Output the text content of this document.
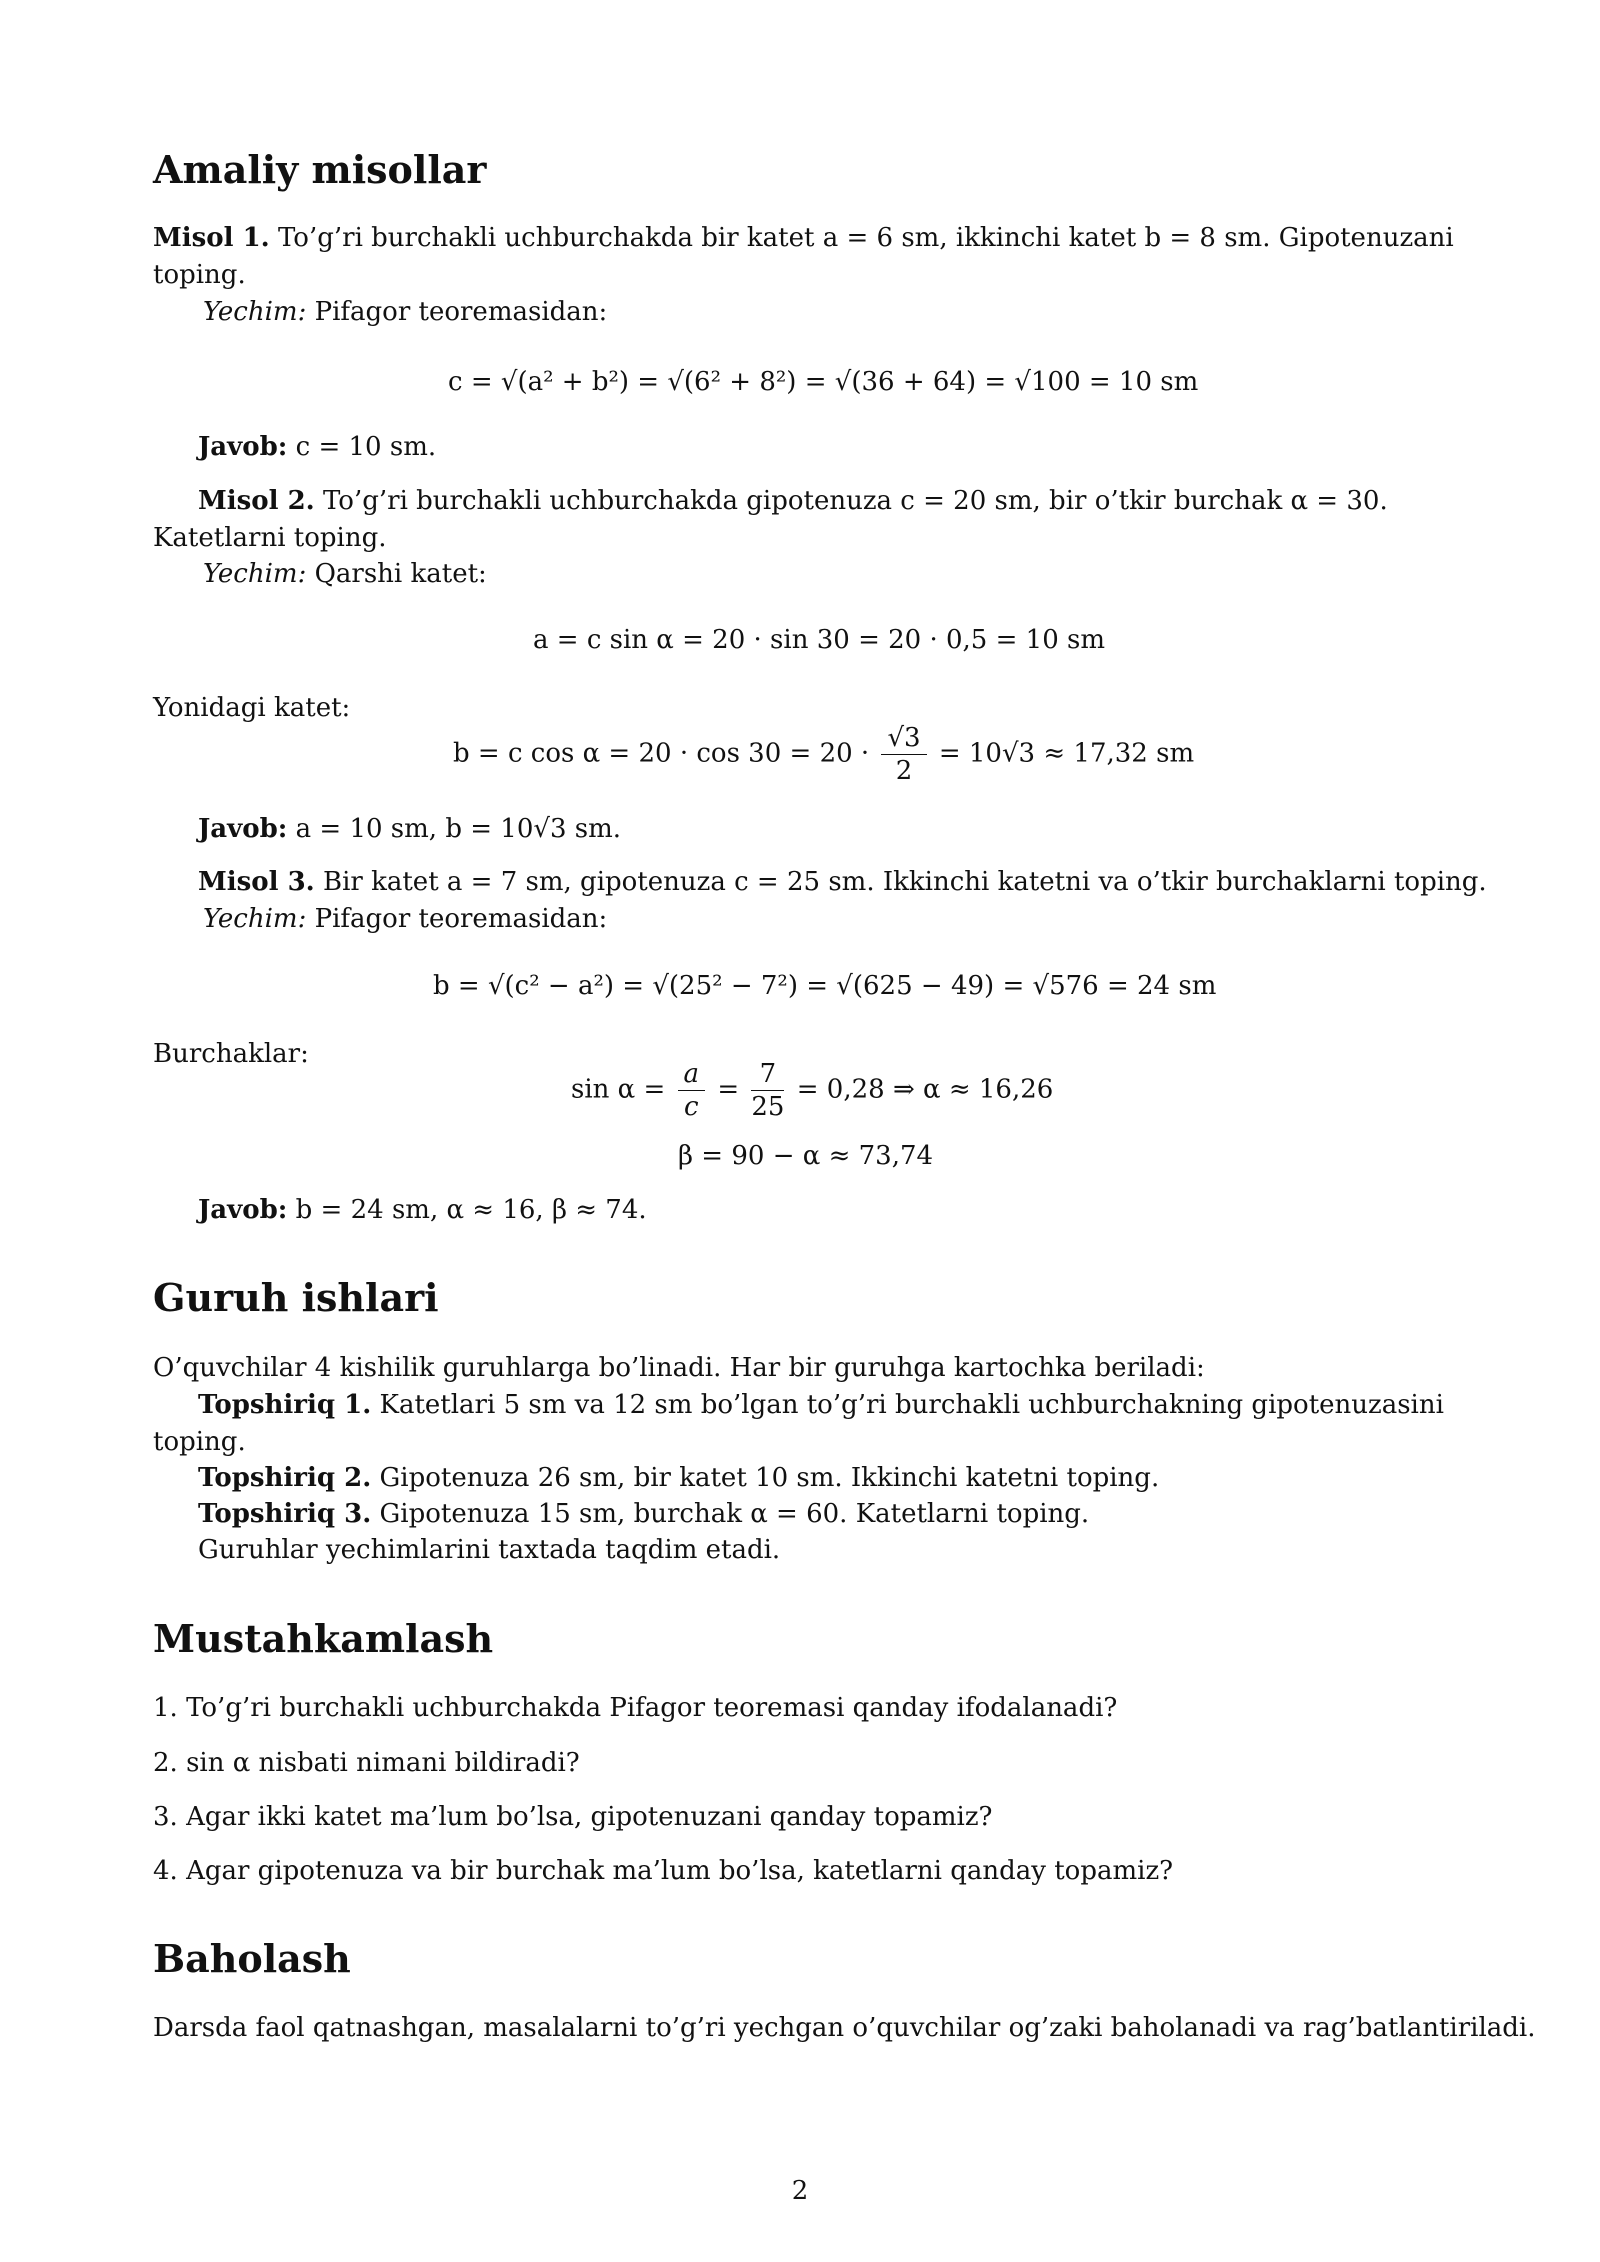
Amaliy misollar
Misol 1. To’g’ri burchakli uchburchakda bir katet a = 6 sm, ikkinchi katet b = 8 sm. Gipotenuzani
toping.
Yechim: Pifagor teoremasidan:
c = √(a² + b²) = √(6² + 8²) = √(36 + 64) = √100 = 10 sm
Javob: c = 10 sm.
Misol 2. To’g’ri burchakli uchburchakda gipotenuza c = 20 sm, bir o’tkir burchak α = 30.
Katetlarni toping.
Yechim: Qarshi katet:
a = c sin α = 20 · sin 30 = 20 · 0,5 = 10 sm
Yonidagi katet:
b = c $\cos \alpha = 20 \cdot \cos 30 = 20 \cdot \frac{√3}{2} = 10√3 \approx 17,32$ sm
Javob: a = 10 sm, b = 10√3 sm.
Misol 3. Bir katet a = 7 sm, gipotenuza c = 25 sm. Ikkinchi katetni va o’tkir burchaklarni toping.
Yechim: Pifagor teoremasidan:
b = √(c² − a²) = √(25² − 7²) = √(625 − 49) = √576 = 24 sm
Burchaklar:
$\sin \alpha = \frac{a}{c} = \frac{7}{25} = 0,28$ ⇒ α ≈ 16,26
β = 90 − α ≈ 73,74
Javob: b = 24 sm, α ≈ 16, β ≈ 74.
Guruh ishlari
O’quvchilar 4 kishilik guruhlarga bo’linadi. Har bir guruhga kartochka beriladi:
Topshiriq 1. Katetlari 5 sm va 12 sm bo’lgan to’g’ri burchakli uchburchakning gipotenuzasini
toping.
Topshiriq 2. Gipotenuza 26 sm, bir katet 10 sm. Ikkinchi katetni toping.
Topshiriq 3. Gipotenuza 15 sm, burchak α = 60. Katetlarni toping.
Guruhlar yechimlarini taxtada taqdim etadi.
Mustahkamlash
1. To’g’ri burchakli uchburchakda Pifagor teoremasi qanday ifodalanadi?
2. sin α nisbati nimani bildiradi?
3. Agar ikki katet ma’lum bo’lsa, gipotenuzani qanday topamiz?
4. Agar gipotenuza va bir burchak ma’lum bo’lsa, katetlarni qanday topamiz?
Baholash
Darsda faol qatnashgan, masalalarni to’g’ri yechgan o’quvchilar og’zaki baholanadi va rag’batlantiriladi.
2
